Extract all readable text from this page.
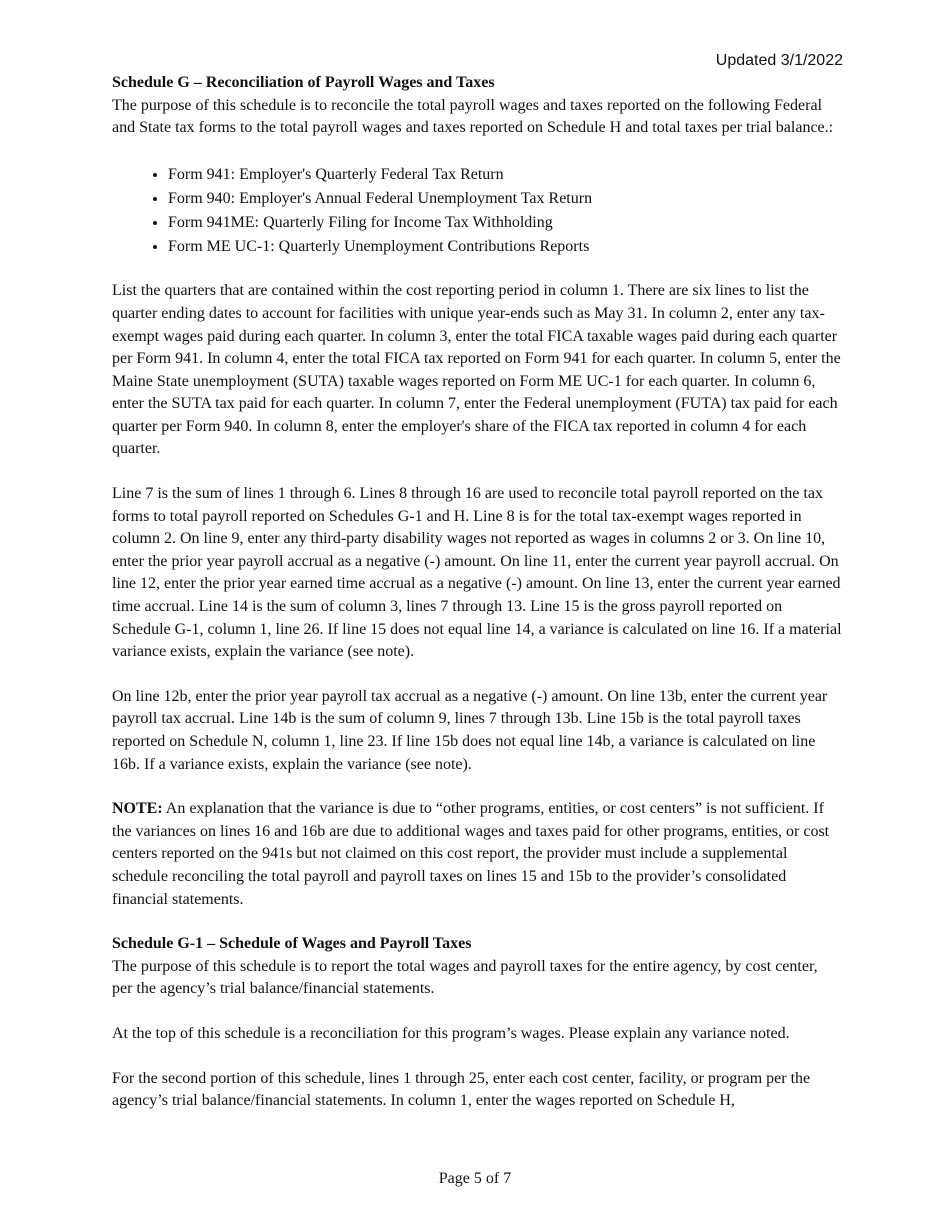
Updated 3/1/2022

Schedule G – Reconciliation of Payroll Wages and Taxes

The purpose of this schedule is to reconcile the total payroll wages and taxes reported on the following Federal and State tax forms to the total payroll wages and taxes reported on Schedule H and total taxes per trial balance.:

• Form 941: Employer's Quarterly Federal Tax Return
• Form 940: Employer's Annual Federal Unemployment Tax Return
• Form 941ME: Quarterly Filing for Income Tax Withholding
• Form ME UC-1: Quarterly Unemployment Contributions Reports

List the quarters that are contained within the cost reporting period in column 1. There are six lines to list the quarter ending dates to account for facilities with unique year-ends such as May 31. In column 2, enter any tax-exempt wages paid during each quarter. In column 3, enter the total FICA taxable wages paid during each quarter per Form 941. In column 4, enter the total FICA tax reported on Form 941 for each quarter. In column 5, enter the Maine State unemployment (SUTA) taxable wages reported on Form ME UC-1 for each quarter. In column 6, enter the SUTA tax paid for each quarter. In column 7, enter the Federal unemployment (FUTA) tax paid for each quarter per Form 940. In column 8, enter the employer's share of the FICA tax reported in column 4 for each quarter.

Line 7 is the sum of lines 1 through 6. Lines 8 through 16 are used to reconcile total payroll reported on the tax forms to total payroll reported on Schedules G-1 and H. Line 8 is for the total tax-exempt wages reported in column 2. On line 9, enter any third-party disability wages not reported as wages in columns 2 or 3. On line 10, enter the prior year payroll accrual as a negative (-) amount. On line 11, enter the current year payroll accrual. On line 12, enter the prior year earned time accrual as a negative (-) amount. On line 13, enter the current year earned time accrual. Line 14 is the sum of column 3, lines 7 through 13. Line 15 is the gross payroll reported on Schedule G-1, column 1, line 26. If line 15 does not equal line 14, a variance is calculated on line 16. If a material variance exists, explain the variance (see note).

On line 12b, enter the prior year payroll tax accrual as a negative (-) amount. On line 13b, enter the current year payroll tax accrual. Line 14b is the sum of column 9, lines 7 through 13b. Line 15b is the total payroll taxes reported on Schedule N, column 1, line 23. If line 15b does not equal line 14b, a variance is calculated on line 16b. If a variance exists, explain the variance (see note).

NOTE: An explanation that the variance is due to “other programs, entities, or cost centers” is not sufficient. If the variances on lines 16 and 16b are due to additional wages and taxes paid for other programs, entities, or cost centers reported on the 941s but not claimed on this cost report, the provider must include a supplemental schedule reconciling the total payroll and payroll taxes on lines 15 and 15b to the provider’s consolidated financial statements.

Schedule G-1 – Schedule of Wages and Payroll Taxes

The purpose of this schedule is to report the total wages and payroll taxes for the entire agency, by cost center, per the agency’s trial balance/financial statements.

At the top of this schedule is a reconciliation for this program’s wages. Please explain any variance noted.

For the second portion of this schedule, lines 1 through 25, enter each cost center, facility, or program per the agency’s trial balance/financial statements. In column 1, enter the wages reported on Schedule H,

Page 5 of 7
